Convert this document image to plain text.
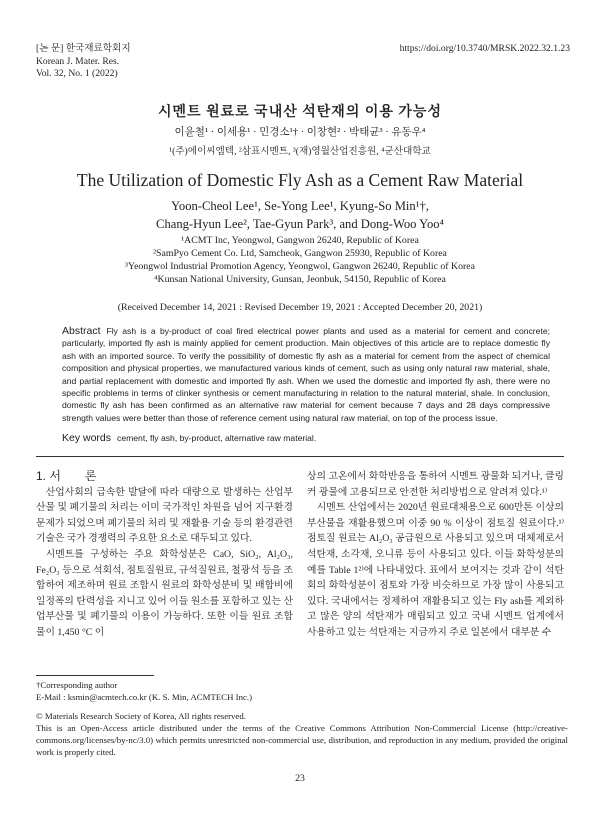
[논 문] 한국재료학회지
Korean J. Mater. Res.
Vol. 32, No. 1 (2022)
https://doi.org/10.3740/MRSK.2022.32.1.23
시멘트 원료로 국내산 석탄재의 이용 가능성
이윤철¹ · 이세용¹ · 민경소¹† · 이창현² · 박태균³ · 유동우⁴
¹(주)에이씨엠텍, ²삼표시멘트, ³(재)영월산업진흥원, ⁴군산대학교
The Utilization of Domestic Fly Ash as a Cement Raw Material
Yoon-Cheol Lee¹, Se-Yong Lee¹, Kyung-So Min¹†,
Chang-Hyun Lee², Tae-Gyun Park³, and Dong-Woo Yoo⁴
¹ACMT Inc, Yeongwol, Gangwon 26240, Republic of Korea
²SamPyo Cement Co. Ltd, Samcheok, Gangwon 25930, Republic of Korea
³Yeongwol Industrial Promotion Agency, Yeongwol, Gangwon 26240, Republic of Korea
⁴Kunsan National University, Gunsan, Jeonbuk, 54150, Republic of Korea
(Received December 14, 2021 : Revised December 19, 2021 : Accepted December 20, 2021)
Abstract Fly ash is a by-product of coal fired electrical power plants and used as a material for cement and concrete; particularly, imported fly ash is mainly applied for cement production. Main objectives of this article are to replace domestic fly ash with an imported source. To verify the possibility of domestic fly ash as a material for cement from the aspect of chemical composition and physical properties, we manufactured various kinds of cement, such as using only natural raw material, shale, and partial replacement with domestic and imported fly ash. When we used the domestic and imported fly ash, there were no specific problems in terms of clinker synthesis or cement manufacturing in relation to the natural material, shale. In conclusion, domestic fly ash has been confirmed as an alternative raw material for cement because 7 days and 28 days compressive strength values were better than those of reference cement using natural raw material, on top of the process issue.
Key words cement, fly ash, by-product, alternative raw material.

1. 서　　론

산업사회의 급속한 발달에 따라 대량으로 발생하는 산업부산물 및 폐기물의 처리는 이미 국가적인 차원을 넘어 지구환경 문제가 되었으며 폐기물의 처리 및 재활용 기술 등의 환경관련 기술은 국가 경쟁력의 주요한 요소로 대두되고 있다.

시멘트를 구성하는 주요 화학성분은 CaO, SiO₂, Al₂O₃, Fe₂O₃ 등으로 석회석, 점토질원료, 규석질원료, 철광석 등을 조합하여 제조하며 원료 조합시 원료의 화학성분비 및 배합비에 일정폭의 탄력성을 지니고 있어 이들 원소를 포함하고 있는 산업부산물 및 폐기물의 이용이 가능하다. 또한 이들 원료 조합물이 1,450 °C 이

상의 고온에서 화학반응을 통하여 시멘트 광물화 되거나, 클링커 광물에 고용되므로 안전한 처리방법으로 알려져 있다.¹⁾

시멘트 산업에서는 2020년 원료대체용으로 600만톤 이상의 부산물을 재활용했으며 이중 90 % 이상이 점토질 원료이다.¹⁾ 점토질 원료는 Al₂O₃ 공급원으로 사용되고 있으며 대체제로서 석탄재, 소각재, 오니류 등이 사용되고 있다. 이들 화학성분의 예를 Table 1²⁾에 나타내었다. 표에서 보여지는 것과 같이 석탄회의 화학성분이 점토와 가장 비슷하므로 가장 많이 사용되고 있다. 국내에서는 정제하여 재활용되고 있는 Fly ash를 제외하고 많은 양의 석탄재가 매립되고 있고 국내 시멘트 업계에서 사용하고 있는 석탄재는 지금까지 주로 일본에서 대부분 수

†Corresponding author
E-Mail : ksmin@acmtech.co.kr (K. S. Min, ACMTECH Inc.)

© Materials Research Society of Korea, All rights reserved.

This is an Open-Access article distributed under the terms of the Creative Commons Attribution Non-Commercial License (http://creative-commons.org/licenses/by-nc/3.0) which permits unrestricted non-commercial use, distribution, and reproduction in any medium, provided the original work is properly cited.

23
